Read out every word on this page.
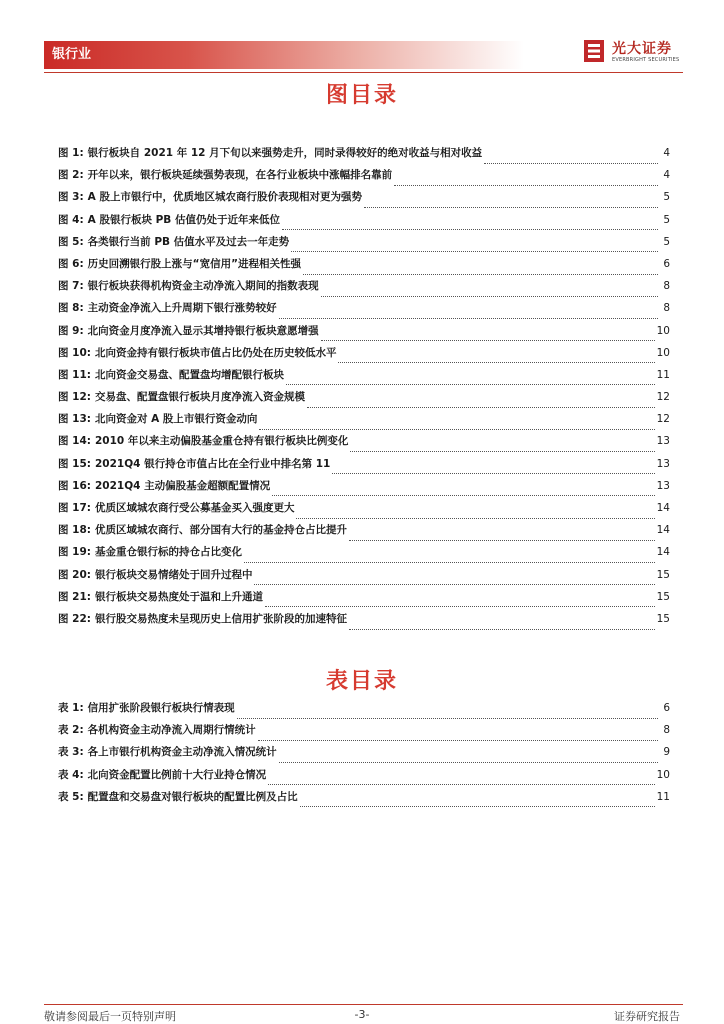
银行业	光大证券
EVERBRIGHT SECURITIES
图目录
图 1: 银行板块自 2021 年 12 月下旬以来强势走升，同时录得较好的绝对收益与相对收益	4
图 2: 开年以来，银行板块延续强势表现，在各行业板块中涨幅排名靠前	4
图 3: A 股上市银行中，优质地区城农商行股价表现相对更为强势	5
图 4: A 股银行板块 PB 估值仍处于近年来低位	5
图 5: 各类银行当前 PB 估值水平及过去一年走势	5
图 6: 历史回溯银行股上涨与“宽信用”进程相关性强	6
图 7: 银行板块获得机构资金主动净流入期间的指数表现	8
图 8: 主动资金净流入上升周期下银行涨势较好	8
图 9: 北向资金月度净流入显示其增持银行板块意愿增强	10
图 10: 北向资金持有银行板块市值占比仍处在历史较低水平	10
图 11: 北向资金交易盘、配置盘均增配银行板块	11
图 12: 交易盘、配置盘银行板块月度净流入资金规模	12
图 13: 北向资金对 A 股上市银行资金动向	12
图 14: 2010 年以来主动偏股基金重仓持有银行板块比例变化	13
图 15: 2021Q4 银行持仓市值占比在全行业中排名第 11	13
图 16: 2021Q4 主动偏股基金超额配置情况	13
图 17: 优质区域城农商行受公募基金买入强度更大	14
图 18: 优质区域城农商行、部分国有大行的基金持仓占比提升	14
图 19: 基金重仓银行标的持仓占比变化	14
图 20: 银行板块交易情绪处于回升过程中	15
图 21: 银行板块交易热度处于温和上升通道	15
图 22: 银行股交易热度未呈现历史上信用扩张阶段的加速特征	15
表目录
表 1: 信用扩张阶段银行板块行情表现	6
表 2: 各机构资金主动净流入周期行情统计	8
表 3: 各上市银行机构资金主动净流入情况统计	9
表 4: 北向资金配置比例前十大行业持仓情况	10
表 5: 配置盘和交易盘对银行板块的配置比例及占比	11
敬请参阅最后一页特别声明	-3-	证券研究报告
